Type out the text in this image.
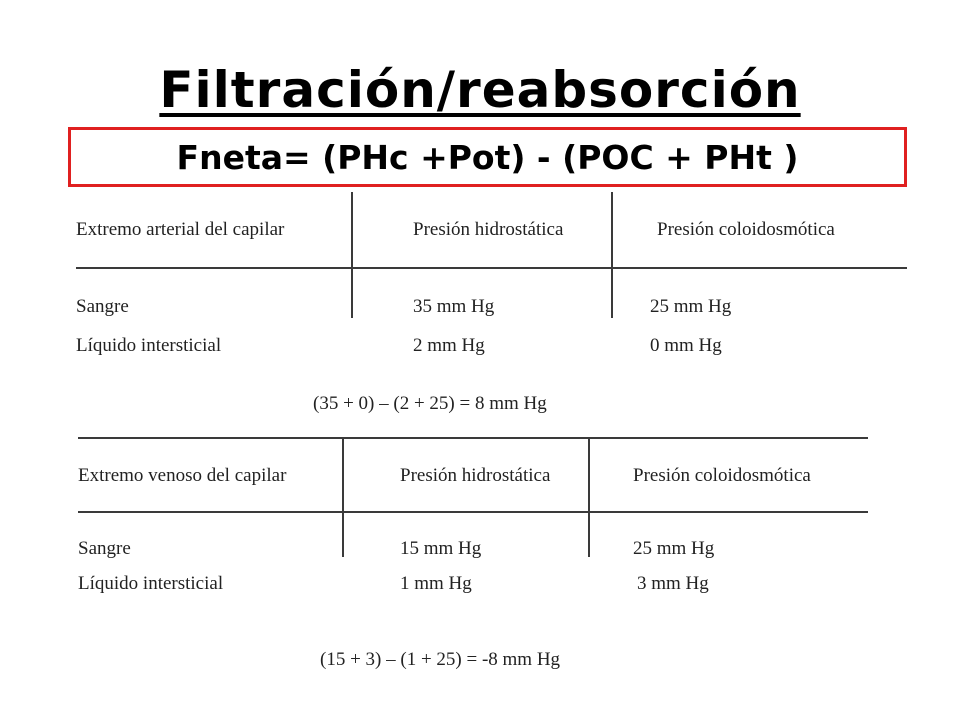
Filtración/reabsorción
Fneta= (PHc +Pot) - (POC + PHt )
Extremo arterial del capilar	Presión hidrostática	Presión coloidosmótica
Sangre	35 mm Hg	25 mm Hg
Líquido intersticial	2 mm Hg	0 mm Hg
(35 + 0) – (2 + 25) = 8 mm Hg
Extremo venoso del capilar	Presión hidrostática	Presión coloidosmótica
Sangre	15 mm Hg	25 mm Hg
Líquido intersticial	1 mm Hg	3 mm Hg
(15 + 3) – (1 + 25) = -8 mm Hg
